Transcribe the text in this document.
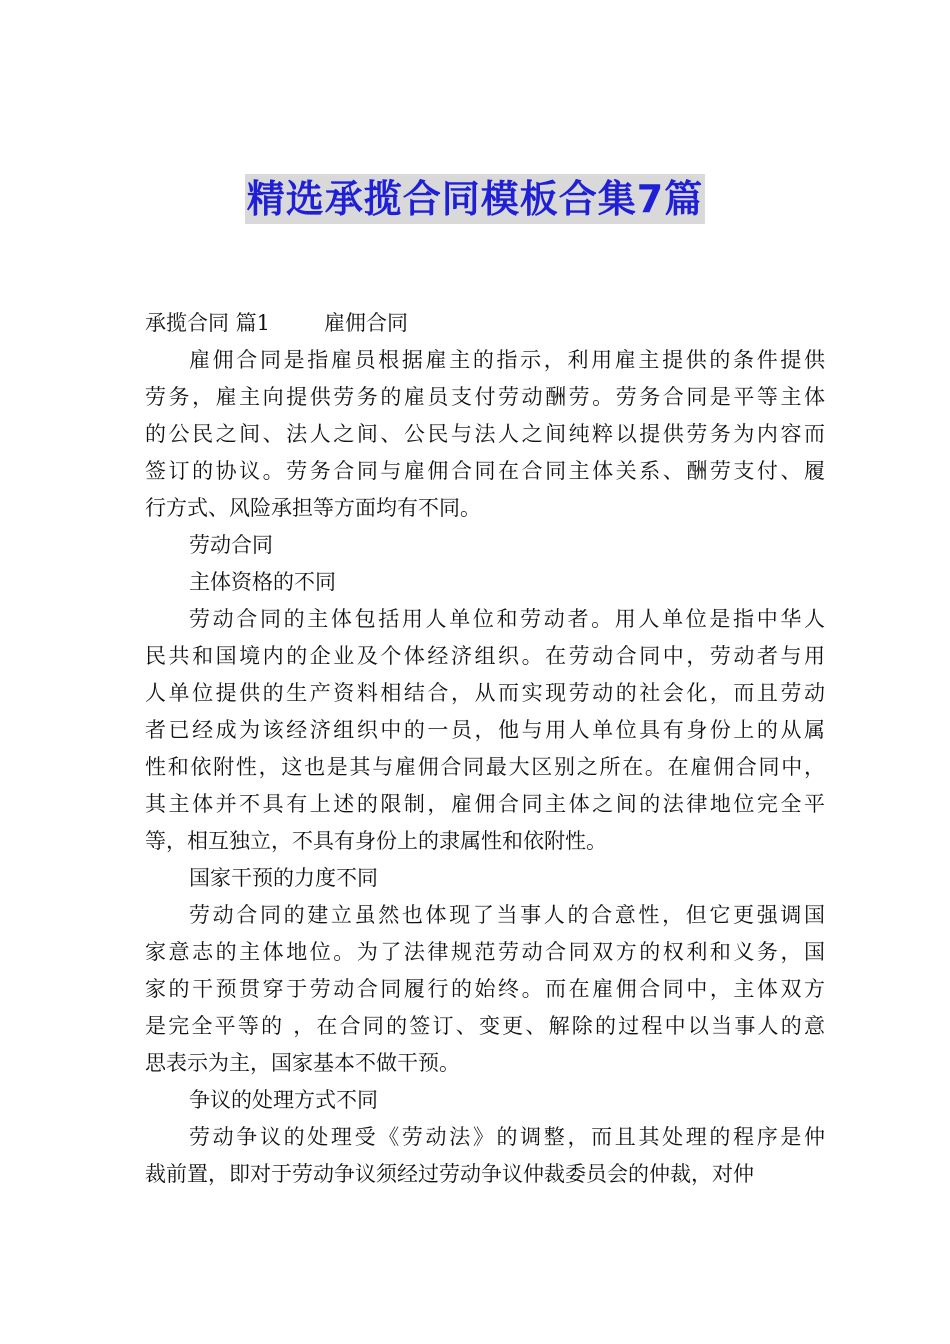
精选承揽合同模板合集7篇
承揽合同 篇1	雇佣合同
雇佣合同是指雇员根据雇主的指示，利用雇主提供的条件提供
劳务，雇主向提供劳务的雇员支付劳动酬劳。劳务合同是平等主体
的公民之间、法人之间、公民与法人之间纯粹以提供劳务为内容而
签订的协议。劳务合同与雇佣合同在合同主体关系、酬劳支付、履
行方式、风险承担等方面均有不同。
劳动合同
主体资格的不同
劳动合同的主体包括用人单位和劳动者。用人单位是指中华人
民共和国境内的企业及个体经济组织。在劳动合同中，劳动者与用
人单位提供的生产资料相结合，从而实现劳动的社会化，而且劳动
者已经成为该经济组织中的一员，他与用人单位具有身份上的从属
性和依附性，这也是其与雇佣合同最大区别之所在。在雇佣合同中，
其主体并不具有上述的限制，雇佣合同主体之间的法律地位完全平
等，相互独立，不具有身份上的隶属性和依附性。
国家干预的力度不同
劳动合同的建立虽然也体现了当事人的合意性，但它更强调国
家意志的主体地位。为了法律规范劳动合同双方的权利和义务，国
家的干预贯穿于劳动合同履行的始终。而在雇佣合同中，主体双方
是完全平等的 ，在合同的签订、变更、解除的过程中以当事人的意
思表示为主，国家基本不做干预。
争议的处理方式不同
劳动争议的处理受《劳动法》的调整，而且其处理的程序是仲
裁前置，即对于劳动争议须经过劳动争议仲裁委员会的仲裁，对仲
